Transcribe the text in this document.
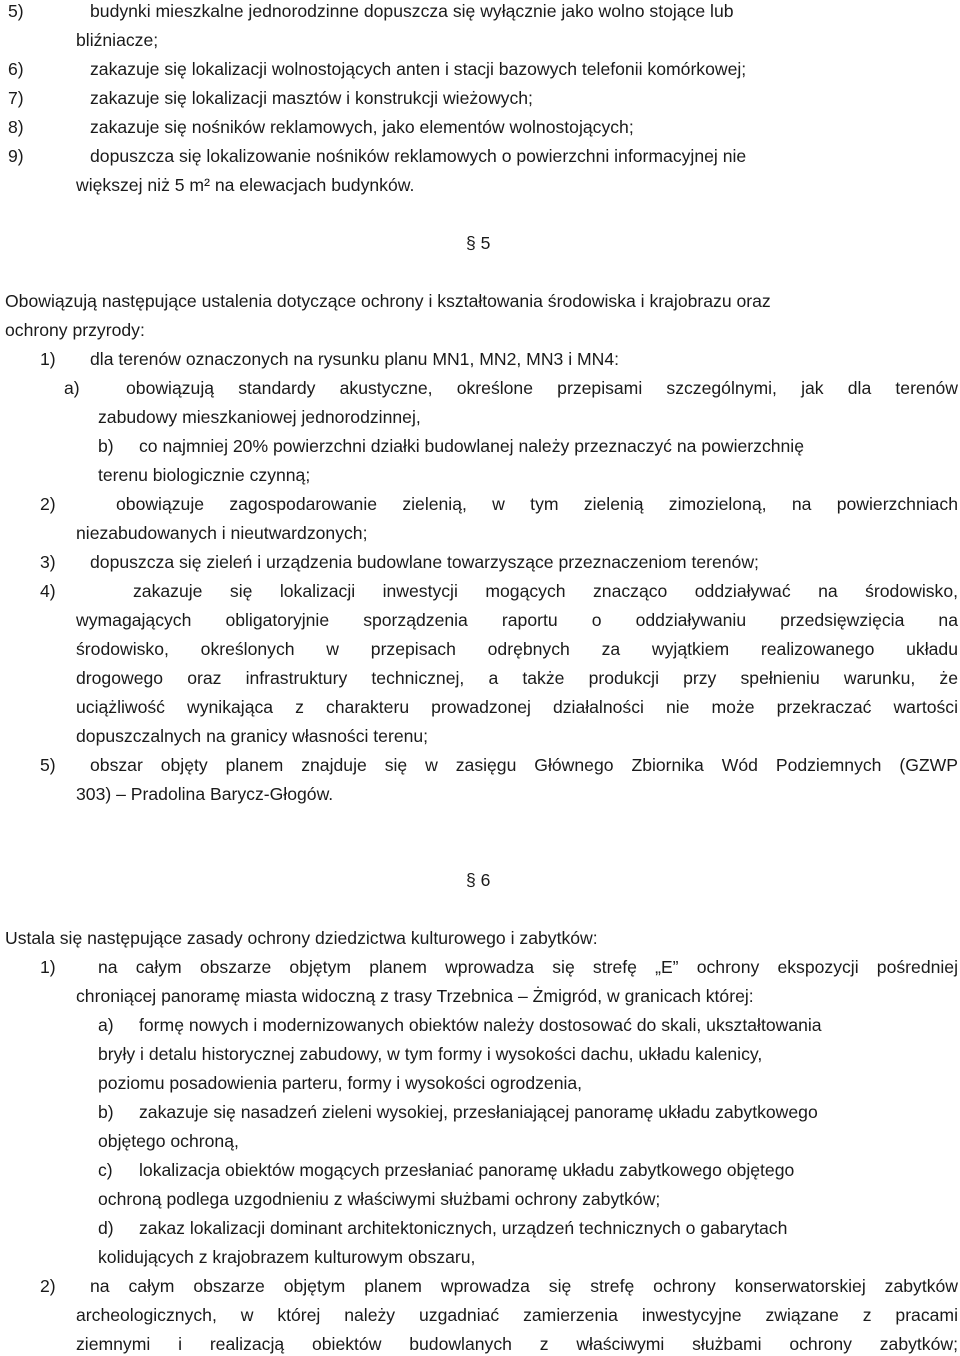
5)	budynki mieszkalne jednorodzinne dopuszcza się wyłącznie jako wolno stojące lub
bliźniacze;
6)	zakazuje się lokalizacji wolnostojących anten i stacji bazowych telefonii komórkowej;
7)	zakazuje się lokalizacji masztów i konstrukcji wieżowych;
8)	zakazuje się nośników reklamowych, jako elementów wolnostojących;
9)	dopuszcza się lokalizowanie nośników reklamowych o powierzchni informacyjnej nie
większej niż 5 m² na elewacjach budynków.
§ 5
Obowiązują następujące ustalenia dotyczące ochrony i kształtowania środowiska i krajobrazu oraz
ochrony przyrody:
1) dla terenów oznaczonych na rysunku planu MN1, MN2, MN3 i MN4:
a)	obowiązują standardy akustyczne, określone przepisami szczególnymi, jak dla terenów
zabudowy mieszkaniowej jednorodzinnej,
b) co najmniej 20% powierzchni działki budowlanej należy przeznaczyć na powierzchnię
terenu biologicznie czynną;
2)	obowiązuje zagospodarowanie zielenią, w tym zielenią zimozieloną, na powierzchniach
niezabudowanych i nieutwardzonych;
3) dopuszcza się zieleń i urządzenia budowlane towarzyszące przeznaczeniom terenów;
4)	zakazuje się lokalizacji inwestycji mogących znacząco oddziaływać na środowisko,
wymagających obligatoryjnie sporządzenia raportu o oddziaływaniu przedsięwzięcia na
środowisko, określonych w przepisach odrębnych za wyjątkiem realizowanego układu
drogowego oraz infrastruktury technicznej, a także produkcji przy spełnieniu warunku, że
uciążliwość wynikająca z charakteru prowadzonej działalności nie może przekraczać wartości
dopuszczalnych na granicy własności terenu;
5) obszar objęty planem znajduje się w zasięgu Głównego Zbiornika Wód Podziemnych (GZWP
303) – Pradolina Barycz-Głogów.
§ 6
Ustala się następujące zasady ochrony dziedzictwa kulturowego i zabytków:
1) na całym obszarze objętym planem wprowadza się strefę „E” ochrony ekspozycji pośredniej
chroniącej panoramę miasta widoczną z trasy Trzebnica – Żmigród, w granicach której:
a) formę nowych i modernizowanych obiektów należy dostosować do skali, ukształtowania
bryły i detalu historycznej zabudowy, w tym formy i wysokości dachu, układu kalenicy,
poziomu posadowienia parteru, formy i wysokości ogrodzenia,
b) zakazuje się nasadzeń zieleni wysokiej, przesłaniającej panoramę układu zabytkowego
objętego ochroną,
c) lokalizacja obiektów mogących przesłaniać panoramę układu zabytkowego objętego
ochroną podlega uzgodnieniu z właściwymi służbami ochrony zabytków;
d) zakaz lokalizacji dominant architektonicznych, urządzeń technicznych o gabarytach
kolidujących z krajobrazem kulturowym obszaru,
2) na całym obszarze objętym planem wprowadza się strefę ochrony konserwatorskiej zabytków
archeologicznych, w której należy uzgadniać zamierzenia inwestycyjne związane z pracami
ziemnymi i realizacją obiektów budowlanych z właściwymi służbami ochrony zabytków;
